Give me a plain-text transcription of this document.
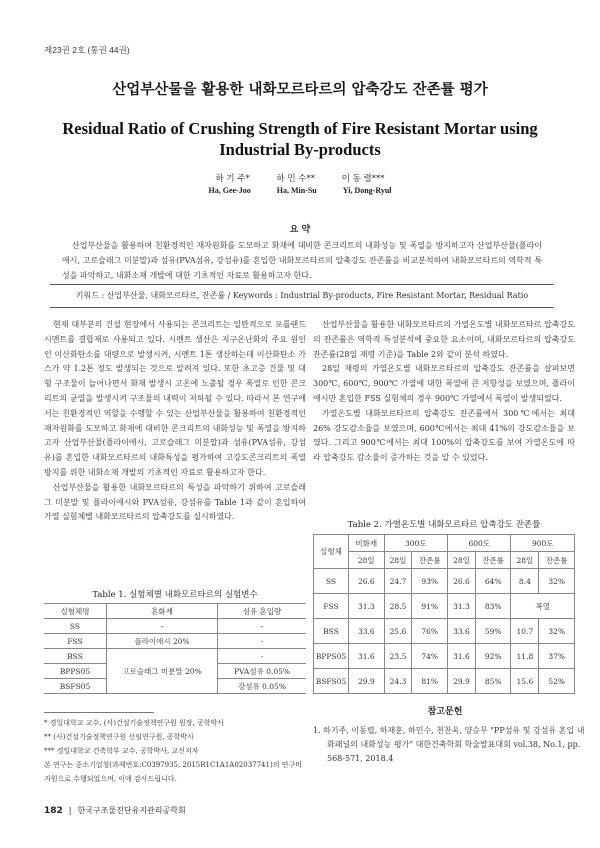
제23권 2호 (통권 44권)
산업부산물을 활용한 내화모르타르의 압축강도 잔존률 평가
Residual Ratio of Crushing Strength of Fire Resistant Mortar using Industrial By-products
하 기 주*	하 민 수**	이 동 렬***
Ha, Gee-Joo	Ha, Min-Su	Yi, Dong-Ryul
요 약
산업부산물을 활용하여 친환경적인 재자원화를 도모하고 화재에 대비한 콘크리트의 내화성능 및 폭열을 방지하고자 산업부산물(플라이애시, 고로슬래그 미분말)과 섬유(PVA섬유, 강섬유)를 혼입한 내화모르타르의 압축강도 잔존률을 비교분석하여 내화모르타르의 역학적 특성을 파악하고, 내화소재 개발에 대한 기초적인 자료로 활용하고자 한다.
키워드 : 산업부산물, 내화모르타르, 잔존률 / Keywords : Industrial By-products, Fire Resistant Mortar, Residual Ratio

현재 대부분의 건설 현장에서 사용되는 콘크리트는 일반적으로 포틀랜드 시멘트를 결합재로 사용되고 있다. 시멘트 생산은 지구온난화의 주요 원인인 이산화탄소를 대량으로 발생시켜, 시멘트 1톤 생산하는데 이산화탄소 가스가 약 1.2톤 정도 발생되는 것으로 알려져 있다. 또한 초고층 건물 및 대형 구조물이 늘어나면서 화재 발생시 고온에 노출될 경우 폭열로 인한 콘크리트의 균열을 발생시켜 구조물의 내력이 저하될 수 있다. 따라서 본 연구에서는 친환경적인 역할을 수행할 수 있는 산업부산물을 활용하여 친환경적인 재자원화를 도모하고 화재에 대비한 콘크리트의 내화성능 및 폭열을 방지하고자 산업부산물(플라이애시, 고로슬래그 미분말)과 섬유(PVA섬유, 강섬유)를 혼입한 내화모르타르의 내화특성을 평가하여 고강도콘크리트의 폭열방지를 위한 내화소재 개발의 기초적인 자료로 활용하고자 한다.

산업부산물을 활용한 내화모르타르의 특성을 파악하기 위하여 고로슬래그 미분말 및 플라이애시와 PVA섬유, 강섬유를 Table 1과 같이 혼입하여 가열 실험체별 내화모르타르의 압축강도를 실시하였다.

Table 1. 실험체별 내화모르타르의 실험변수
실험체명	혼화재	섬유 혼입량
SS	-	-
FSS	플라이애시 20%	-
BSS	고로슬래그 미분말 20%	-
BPPS05		PVA섬유 0.05%
BSFS05		강섬유 0.05%

산업부산물을 활용한 내화모르타르의 가열온도별 내화모르타르 압축강도의 잔존률은 역학적 특성분석에 중요한 요소이며, 내화모르타르의 압축강도 잔존률(28일 재령 기준)을 Table 2와 같이 분석 하였다.

28일 재령의 가열온도별 내화모르타르의 압축강도 잔존률을 살펴보면 300℃, 600℃, 900℃ 가열에 대한 폭열에 큰 저항성을 보였으며, 플라이애시만 혼입한 FSS 실험체의 경우 900℃ 가열에서 폭열이 발생되었다.

가열온도별 내화모르타르의 압축강도 잔존률에서 300℃에서는 최대 26% 강도감소율을 보였으며, 600℃에서는 최대 41%의 강도감소율을 보였다. 그리고 900℃에서는 최대 100%의 압축강도를 보여 가열온도에 따라 압축강도 감소율이 증가하는 것을 알 수 있었다.

Table 2. 가열온도별 내화모르타르 압축강도 잔존률
실험체	비화재	300도		600도		900도	
	28일	28일	잔존률	28일	잔존률	28일	잔존률
SS	26.6	24.7	93%	26.6	64%	8.4	32%
FSS	31.3	28.5	91%	31.3	83%	폭열	
BSS	33.6	25.6	76%	33.6	59%	10.7	32%
BPPS05	31.6	23.5	74%	31.6	92%	11.8	37%
BSFS05	29.9	24.3	81%	29.9	85%	15.6	52%
* 경일대학교 교수, (사)건설기술정책연구원 원장, 공학박사
** (사)건설기술정책연구원 선임연구원, 공학박사
*** 경일대학교 건축학부 교수, 공학박사, 교신저자
본 연구는 중소기업청(과제번호:C0397935, 2015R1C1A1A02037741)의 연구비 지원으로 수행되었으며, 이에 감사드립니다.
참고문헌
1. 하기주, 이동렬, 하재훈, 하민수, 천찬욱, 양승무 "PP섬유 및 강섬유 혼입 내화패널의 내화성능 평가" 대한건축학회 학술발표대회 vol.38, No.1, pp. 568-571, 2018.4
182 | 한국구조물진단유지관리공학회
